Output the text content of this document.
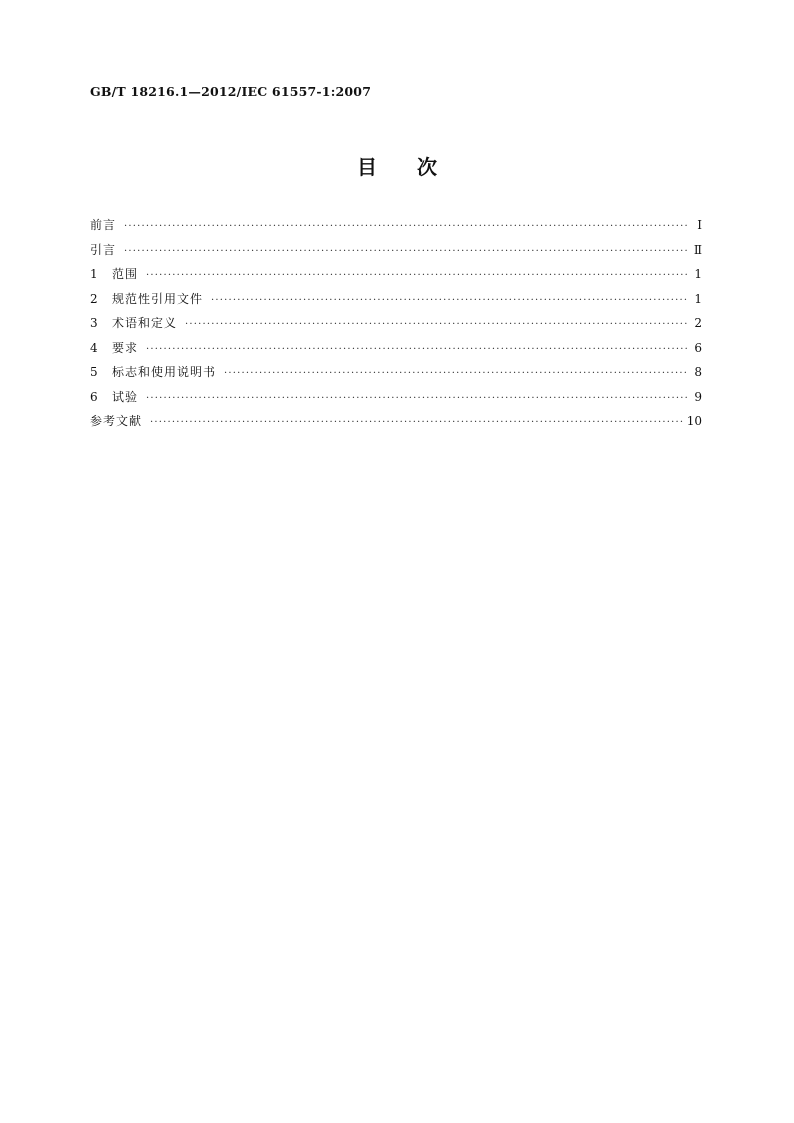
GB/T 18216.1—2012/IEC 61557-1:2007
目次
前言 ·····	Ⅰ
引言 ·····	Ⅱ
1	范围 ·····	1
2	规范性引用文件 ·····	1
3	术语和定义 ·····	2
4	要求 ·····	6
5	标志和使用说明书 ·····	8
6	试验 ·····	9
参考文献 ·····	10
